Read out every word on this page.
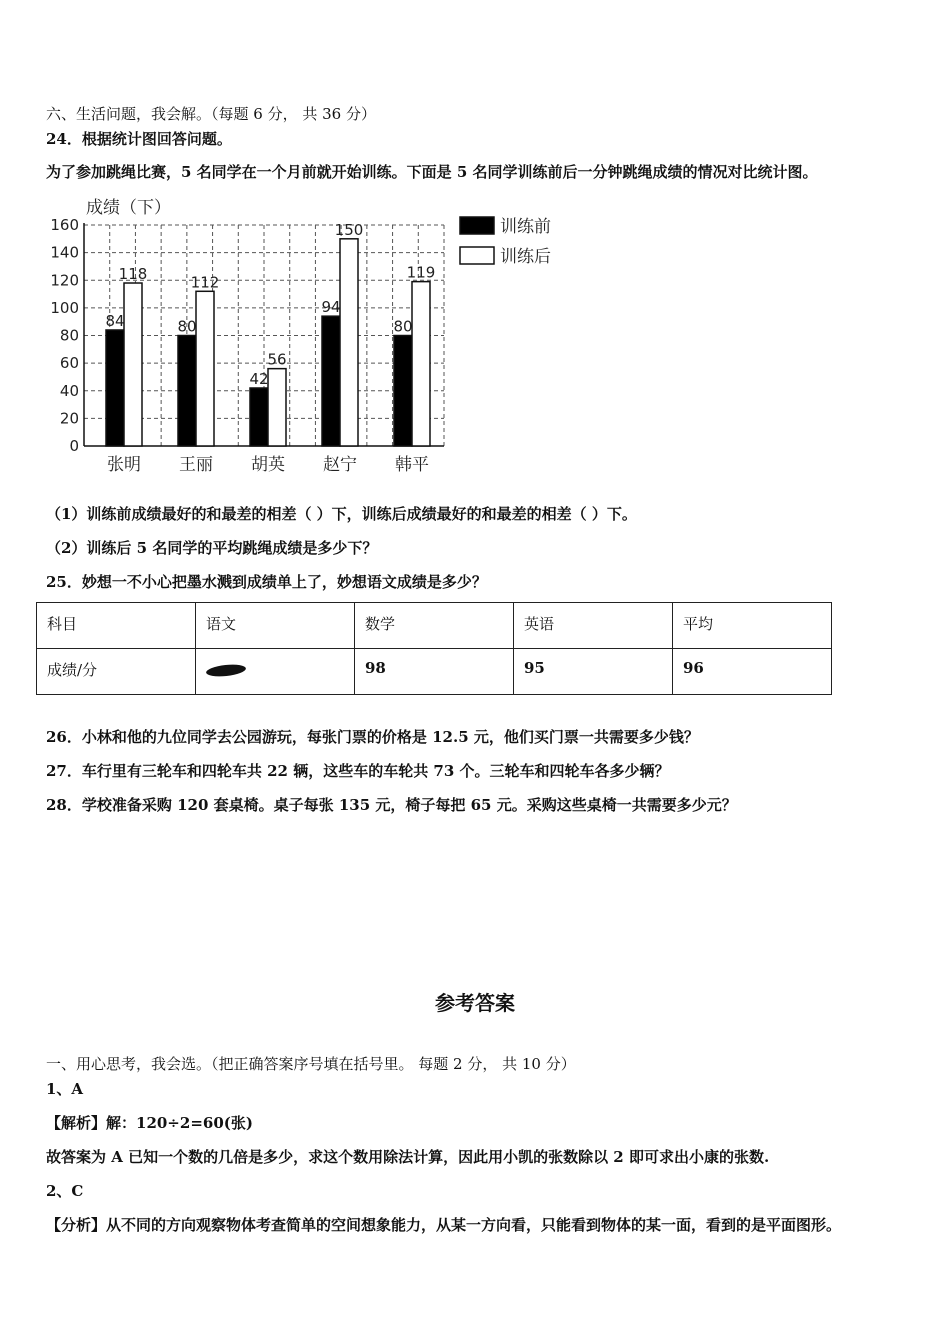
六、生活问题，我会解。（每题 6 分， 共 36 分）
24．根据统计图回答问题。
为了参加跳绳比赛，5 名同学在一个月前就开始训练。下面是 5 名同学训练前后一分钟跳绳成绩的情况对比统计图。
成绩（下）
0
20
40
60
80
100
120
140
160
84
118
张明
80
112
王丽
42
56
胡英
94
150
赵宁
80
119
韩平
训练前
训练后
（1）训练前成绩最好的和最差的相差（ ）下，训练后成绩最好的和最差的相差（ ）下。
（2）训练后 5 名同学的平均跳绳成绩是多少下？
25．妙想一不小心把墨水溅到成绩单上了，妙想语文成绩是多少？
科目	语文	数学	英语	平均
成绩/分		98	95	96
26．小林和他的九位同学去公园游玩，每张门票的价格是 12.5 元，他们买门票一共需要多少钱？
27．车行里有三轮车和四轮车共 22 辆，这些车的车轮共 73 个。三轮车和四轮车各多少辆？
28．学校准备采购 120 套桌椅。桌子每张 135 元，椅子每把 65 元。采购这些桌椅一共需要多少元？
参考答案
一、用心思考，我会选。（把正确答案序号填在括号里。 每题 2 分， 共 10 分）
1、A
【解析】解：120÷2=60(张)
故答案为 A 已知一个数的几倍是多少，求这个数用除法计算，因此用小凯的张数除以 2 即可求出小康的张数.
2、C
【分析】从不同的方向观察物体考查简单的空间想象能力，从某一方向看，只能看到物体的某一面，看到的是平面图形。
